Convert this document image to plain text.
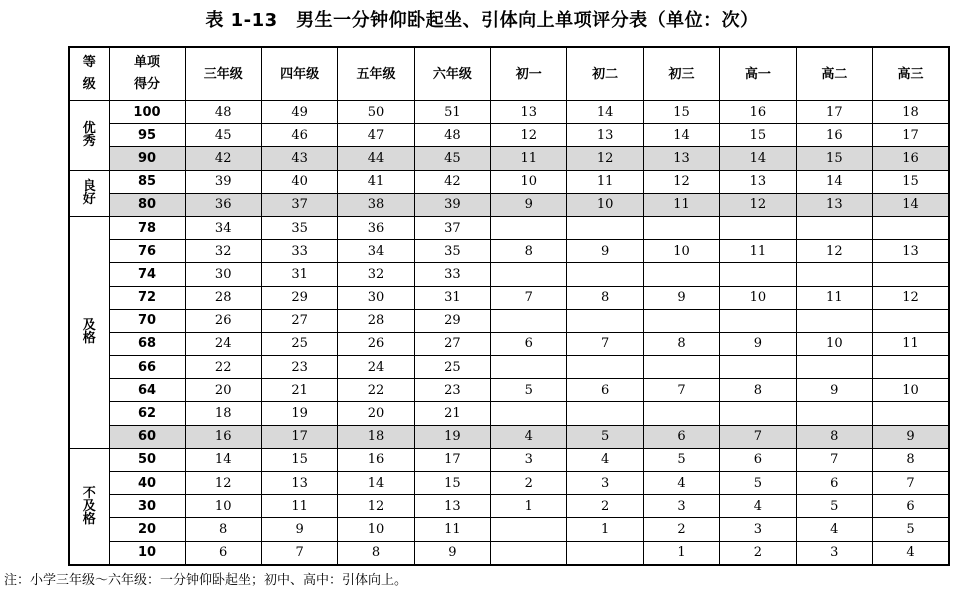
表 1-13　男生一分钟仰卧起坐、引体向上单项评分表（单位：次）
等
级	单项
得分	三年级	四年级	五年级	六年级	初一	初二	初三	高一	高二	高三
优
秀	100	48	49	50	51	13	14	15	16	17	18
	95	45	46	47	48	12	13	14	15	16	17
	90	42	43	44	45	11	12	13	14	15	16
良
好	85	39	40	41	42	10	11	12	13	14	15
	80	36	37	38	39	9	10	11	12	13	14
及
格	78	34	35	36	37						
	76	32	33	34	35	8	9	10	11	12	13
	74	30	31	32	33						
	72	28	29	30	31	7	8	9	10	11	12
	70	26	27	28	29						
	68	24	25	26	27	6	7	8	9	10	11
	66	22	23	24	25						
	64	20	21	22	23	5	6	7	8	9	10
	62	18	19	20	21						
	60	16	17	18	19	4	5	6	7	8	9
不
及
格	50	14	15	16	17	3	4	5	6	7	8
	40	12	13	14	15	2	3	4	5	6	7
	30	10	11	12	13	1	2	3	4	5	6
	20	8	9	10	11		1	2	3	4	5
	10	6	7	8	9			1	2	3	4
注：小学三年级～六年级：一分钟仰卧起坐；初中、高中：引体向上。
